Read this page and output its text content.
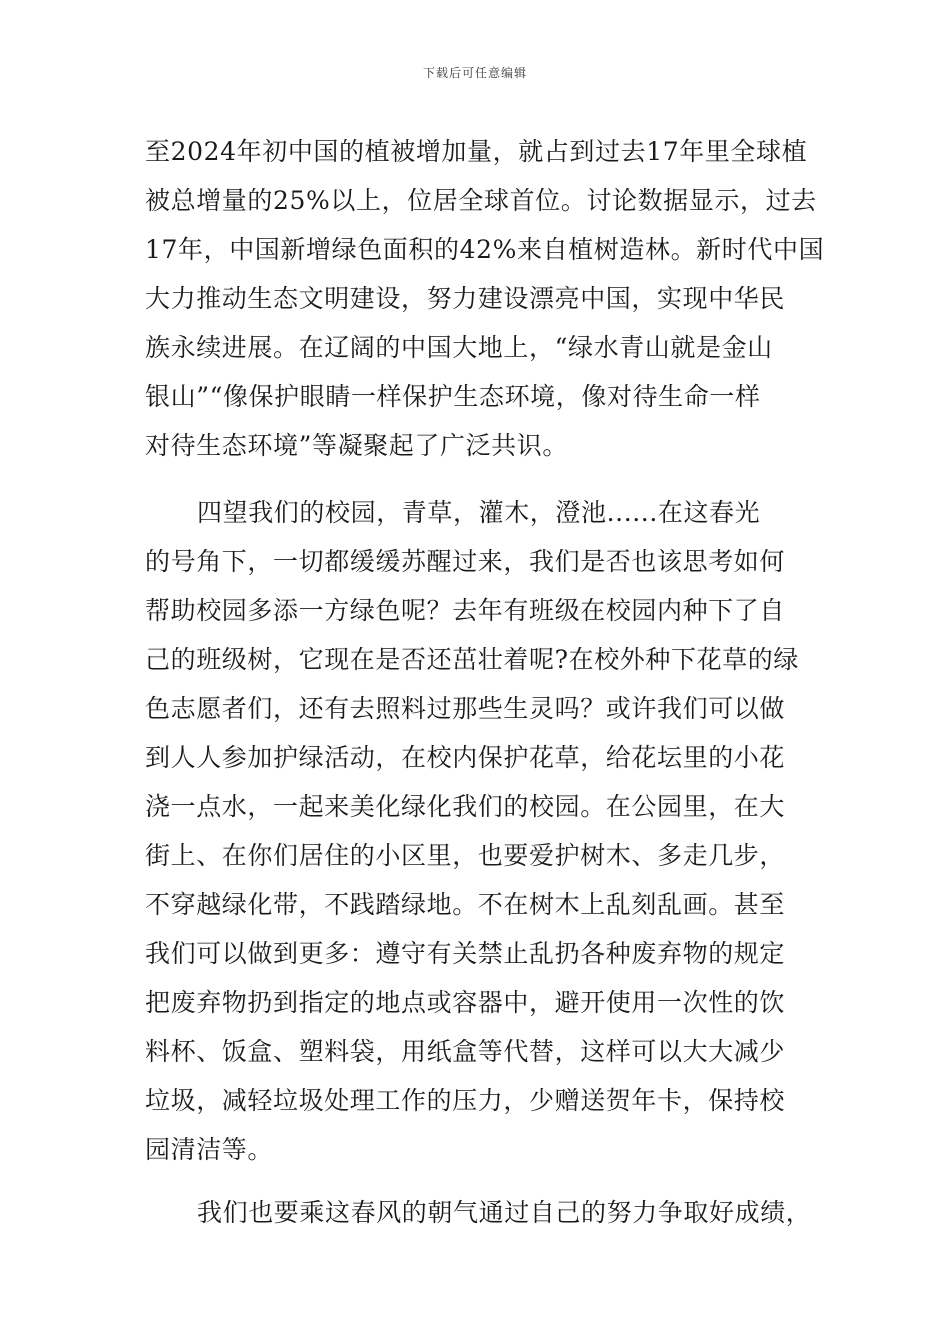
下载后可任意编辑
至2024年初中国的植被增加量，就占到过去17年里全球植
被总增量的25%以上，位居全球首位。讨论数据显示，过去
17年，中国新增绿色面积的42%来自植树造林。新时代中国
大力推动生态文明建设，努力建设漂亮中国，实现中华民
族永续进展。在辽阔的中国大地上，“绿水青山就是金山
银山”“像保护眼睛一样保护生态环境，像对待生命一样
对待生态环境”等凝聚起了广泛共识。
四望我们的校园，青草，灌木，澄池......在这春光
的号角下，一切都缓缓苏醒过来，我们是否也该思考如何
帮助校园多添一方绿色呢？去年有班级在校园内种下了自
己的班级树，它现在是否还茁壮着呢?在校外种下花草的绿
色志愿者们，还有去照料过那些生灵吗？或许我们可以做
到人人参加护绿活动，在校内保护花草，给花坛里的小花
浇一点水，一起来美化绿化我们的校园。在公园里，在大
街上、在你们居住的小区里，也要爱护树木、多走几步，
不穿越绿化带，不践踏绿地。不在树木上乱刻乱画。甚至
我们可以做到更多：遵守有关禁止乱扔各种废弃物的规定
把废弃物扔到指定的地点或容器中，避开使用一次性的饮
料杯、饭盒、塑料袋，用纸盒等代替，这样可以大大减少
垃圾，减轻垃圾处理工作的压力，少赠送贺年卡，保持校
园清洁等。
我们也要乘这春风的朝气通过自己的努力争取好成绩，
